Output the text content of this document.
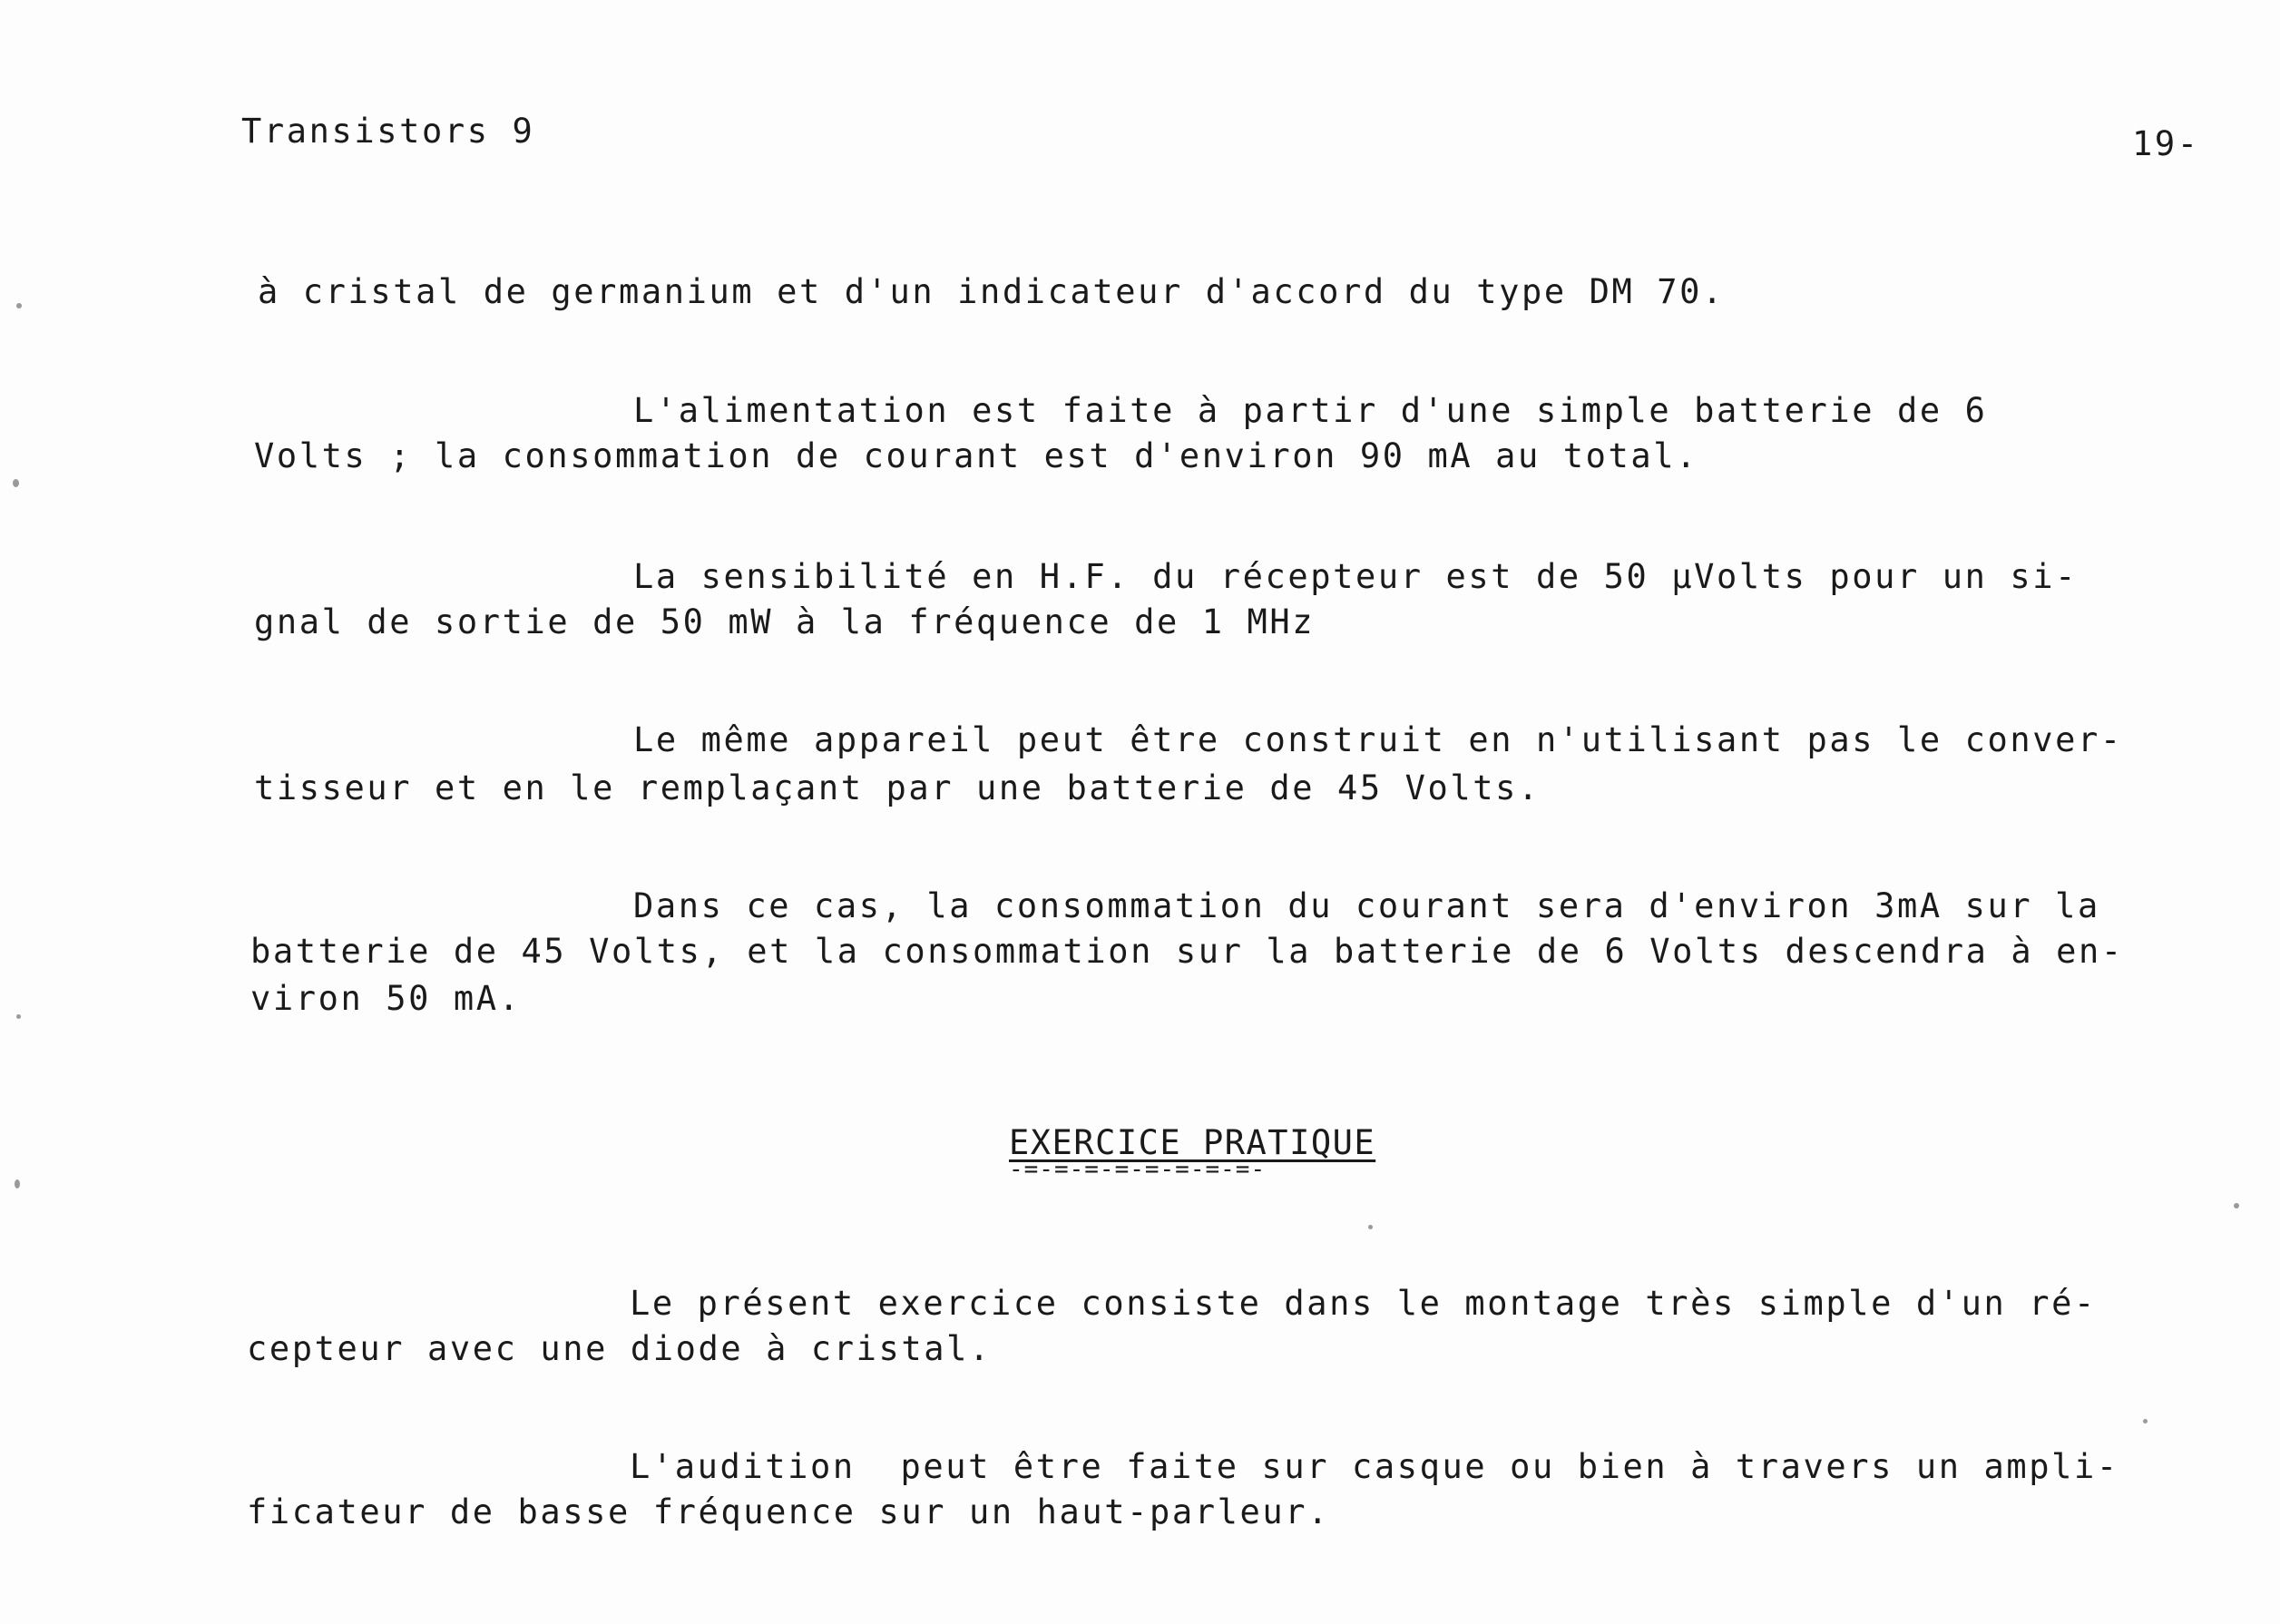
Transistors 9	19-
à cristal de germanium et d'un indicateur d'accord du type DM 70.
L'alimentation est faite à partir d'une simple batterie de 6
Volts ; la consommation de courant est d'environ 90 mA au total.
La sensibilité en H.F. du récepteur est de 50 µVolts pour un si-
gnal de sortie de 50 mW à la fréquence de 1 MHz
Le même appareil peut être construit en n'utilisant pas le conver-
tisseur et en le remplaçant par une batterie de 45 Volts.
Dans ce cas, la consommation du courant sera d'environ 3mA sur la
batterie de 45 Volts, et la consommation sur la batterie de 6 Volts descendra à en-
viron 50 mA.
EXERCICE PRATIQUE
-=-=-=-=-=-=-=-=-
Le présent exercice consiste dans le montage très simple d'un ré-
cepteur avec une diode à cristal.
L'audition  peut être faite sur casque ou bien à travers un ampli-
ficateur de basse fréquence sur un haut-parleur.
